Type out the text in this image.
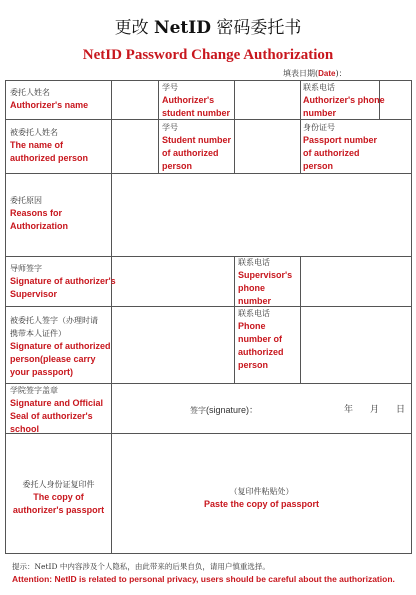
更改 NetID 密码委托书
NetID Password Change Authorization
填表日期(Date)：
委托人姓名
Authorizer's name
学号
Authorizer's
student number
联系电话
Authorizer's phone
number
被委托人姓名
The name of
authorized person
学号
Student number
of authorized
person
身份证号
Passport number
of authorized
person
委托原因
Reasons for
Authorization
导师签字
Signature of authorizer's
Supervisor
联系电话
Supervisor's
phone
number
被委托人签字（办理时请
携带本人证件）
Signature of authorized
person(please carry
your passport)
联系电话
Phone
number of
authorized
person
学院签字盖章
Signature and Official
Seal of authorizer's
school
签字(signature)：	年 月 日
委托人身份证复印件
The copy of
authorizer's passport
（复印件粘贴处）
Paste the copy of passport
提示：NetID 中内容涉及个人隐私，由此带来的后果自负，请用户慎重选择。
Attention: NetID is related to personal privacy, users should be careful about the authorization.
